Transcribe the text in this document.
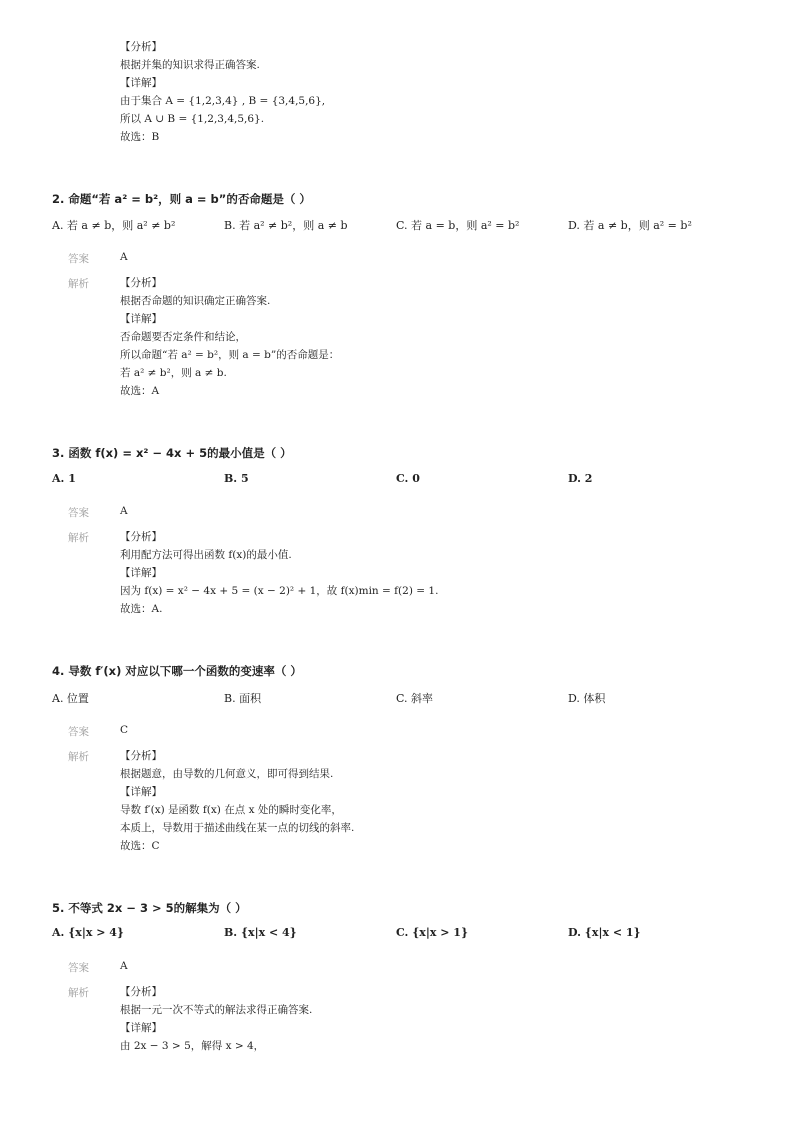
【分析】
根据并集的知识求得正确答案.
【详解】
由于集合 A = {1,2,3,4} , B = {3,4,5,6},
所以 A ∪ B = {1,2,3,4,5,6}.
故选：B
2. 命题“若 a² = b²，则 a = b”的否命题是（ ）
A. 若 a ≠ b，则 a² ≠ b²	B. 若 a² ≠ b²，则 a ≠ b	C. 若 a = b，则 a² = b²	D. 若 a ≠ b，则 a² = b²
答案	A
解析	【分析】
根据否命题的知识确定正确答案.
【详解】
否命题要否定条件和结论，
所以命题“若 a² = b²，则 a = b”的否命题是：
若 a² ≠ b²，则 a ≠ b.
故选：A
3. 函数 f(x) = x² − 4x + 5的最小值是（ ）
A. 1	B. 5	C. 0	D. 2
答案	A
解析	【分析】
利用配方法可得出函数 f(x)的最小值.
【详解】
因为 f(x) = x² − 4x + 5 = (x − 2)² + 1，故 f(x)min = f(2) = 1.
故选：A.
4. 导数 f′(x) 对应以下哪一个函数的变速率（ ）
A. 位置	B. 面积	C. 斜率	D. 体积
答案	C
解析	【分析】
根据题意，由导数的几何意义，即可得到结果.
【详解】
导数 f′(x) 是函数 f(x) 在点 x 处的瞬时变化率，
本质上，导数用于描述曲线在某一点的切线的斜率.
故选：C
5. 不等式 2x − 3 > 5的解集为（ ）
A. {x|x > 4}	B. {x|x < 4}	C. {x|x > 1}	D. {x|x < 1}
答案	A
解析	【分析】
根据一元一次不等式的解法求得正确答案.
【详解】
由 2x − 3 > 5，解得 x > 4，
